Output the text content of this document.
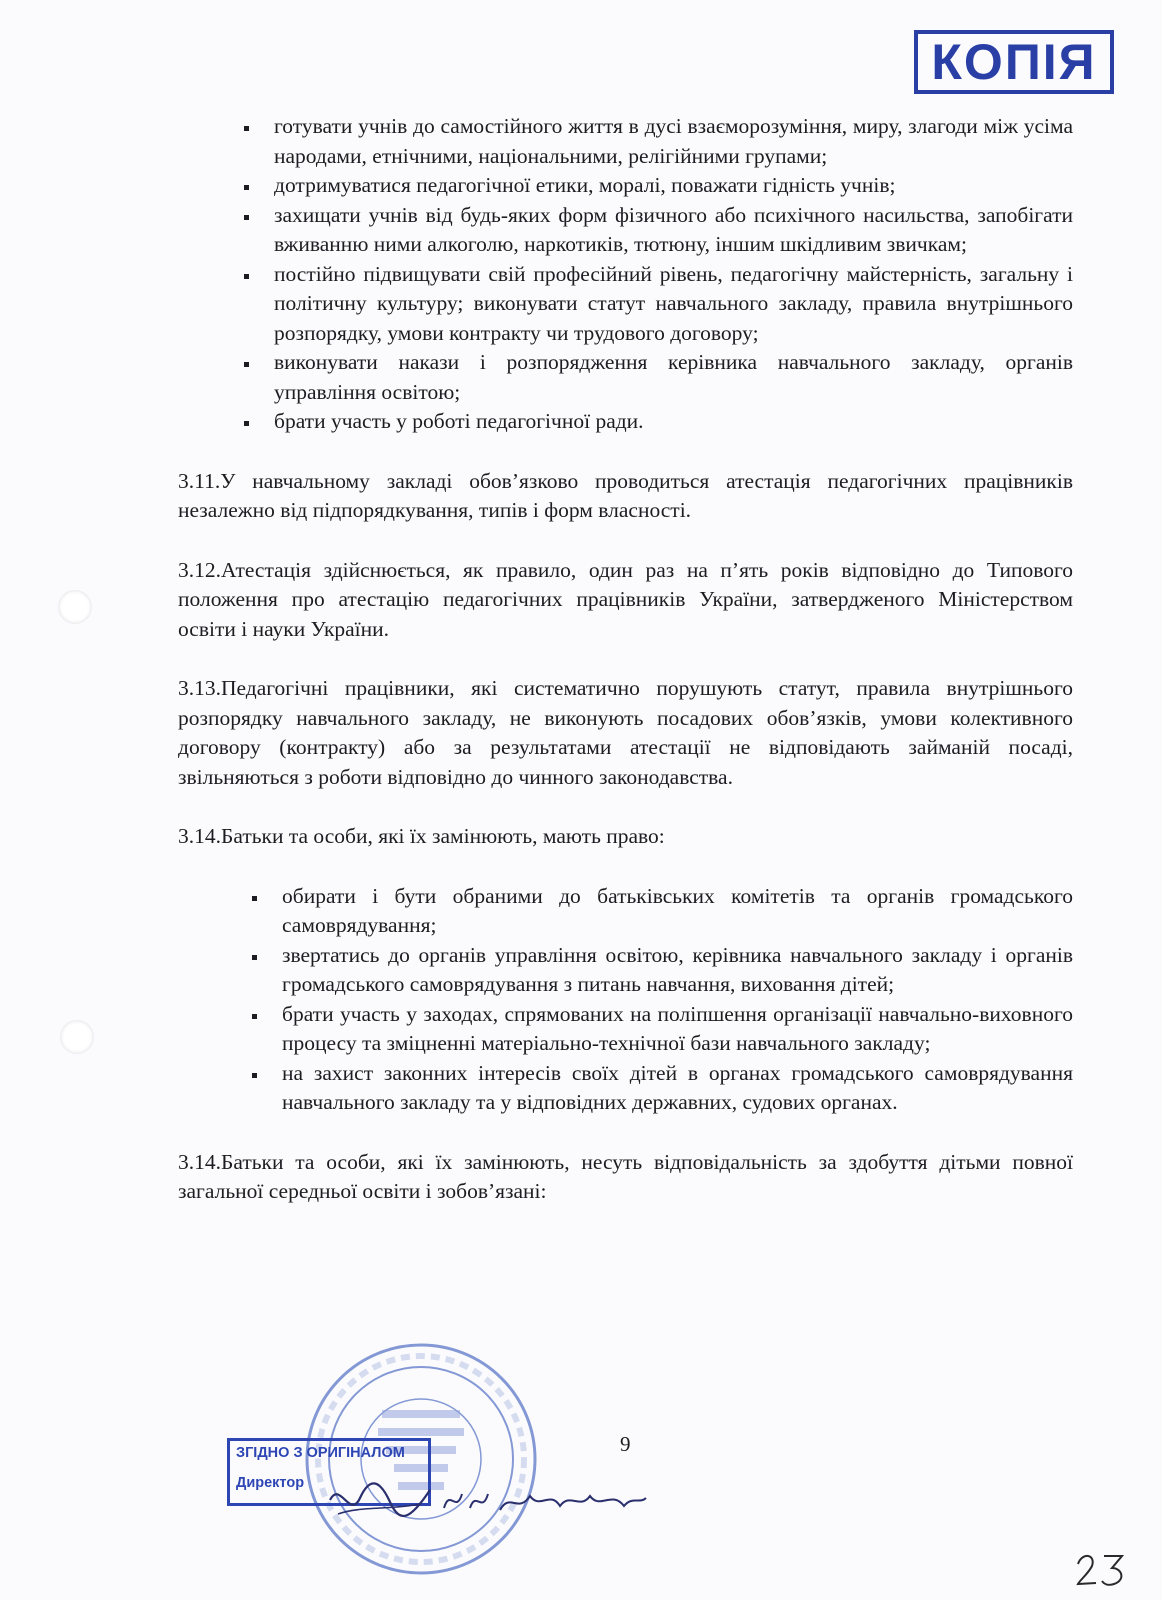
КОПІЯ
готувати учнів до самостійного життя в дусі взаєморозуміння, миру, злагоди між усіма народами, етнічними, національними, релігійними групами;
дотримуватися педагогічної етики, моралі, поважати гідність учнів;
захищати учнів від будь-яких форм фізичного або психічного насильства, запобігати вживанню ними алкоголю, наркотиків, тютюну, іншим шкідливим звичкам;
постійно підвищувати свій професійний рівень, педагогічну майстерність, загальну і політичну культуру; виконувати статут навчального закладу, правила внутрішнього розпорядку, умови контракту чи трудового договору;
виконувати накази і розпорядження керівника навчального закладу, органів управління освітою;
брати участь у роботі педагогічної ради.

3.11.У навчальному закладі обов’язково проводиться атестація педагогічних працівників незалежно від підпорядкування, типів і форм власності.

3.12.Атестація здійснюється, як правило, один раз на п’ять років відповідно до Типового положення про атестацію педагогічних працівників України, затвердженого Міністерством освіти і науки України.

3.13.Педагогічні працівники, які систематично порушують статут, правила внутрішнього розпорядку навчального закладу, не виконують посадових обов’язків, умови колективного договору (контракту) або за результатами атестації не відповідають займаній посаді, звільняються з роботи відповідно до чинного законодавства.

3.14.Батьки та особи, які їх замінюють, мають право:

обирати і бути обраними до батьківських комітетів та органів громадського самоврядування;
звертатись до органів управління освітою, керівника навчального закладу і органів громадського самоврядування з питань навчання, виховання дітей;
брати участь у заходах, спрямованих на поліпшення організації навчально-виховного процесу та зміцненні матеріально-технічної бази навчального закладу;
на захист законних інтересів своїх дітей в органах громадського самоврядування навчального закладу та у відповідних державних, судових органах.

3.14.Батьки та особи, які їх замінюють, несуть відповідальність за здобуття дітьми повної загальної середньої освіти і зобов’язані:

ЗГІДНО З ОРИГІНАЛОМ
Директор
9
